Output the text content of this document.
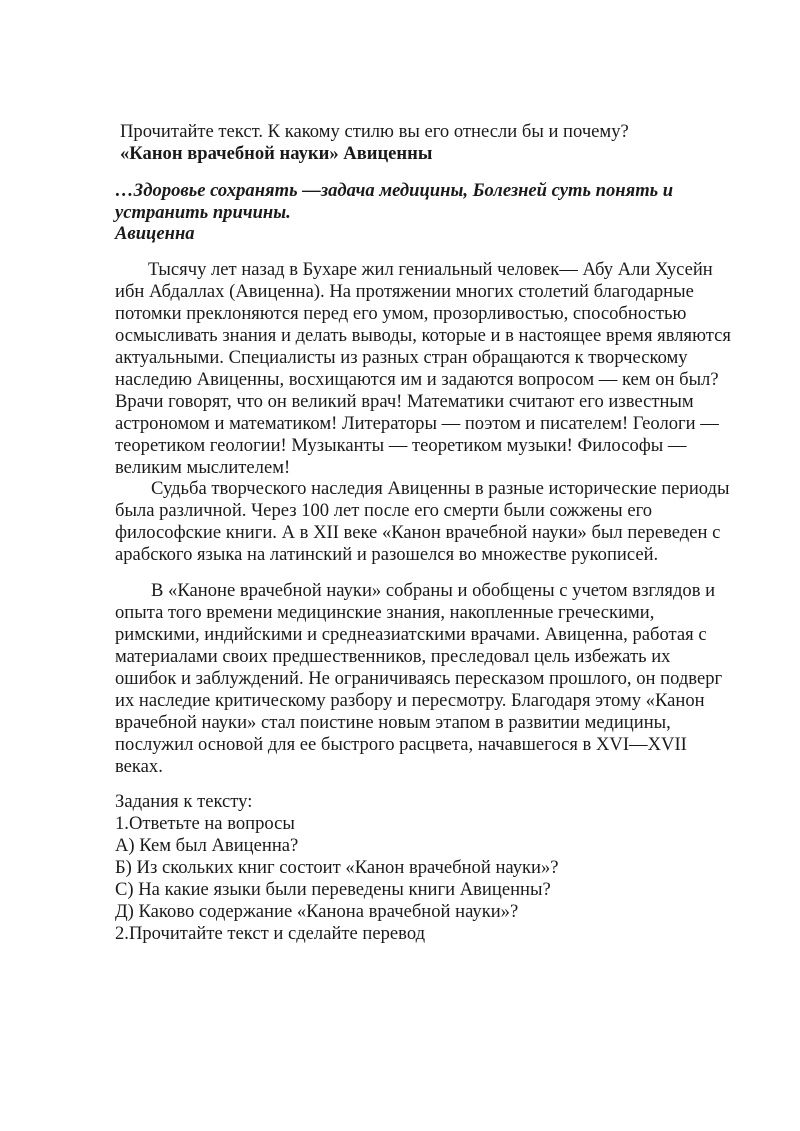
Прочитайте текст. К какому стилю вы его отнесли бы и почему?
«Канон врачебной науки» Авиценны
…Здоровье сохранять —задача медицины, Болезней суть понять и
устранить причины.
Авиценна
Тысячу лет назад в Бухаре жил гениальный человек— Абу Али Хусейн
ибн Абдаллах (Авиценна). На протяжении многих столетий благодарные
потомки преклоняются перед его умом, прозорливостью, способностью
осмысливать знания и делать выводы, которые и в настоящее время являются
актуальными. Специалисты из разных стран обращаются к творческому
наследию Авиценны, восхищаются им и задаются вопросом — кем он был?
Врачи говорят, что он великий врач! Математики считают его известным
астрономом и математиком! Литераторы — поэтом и писателем! Геологи —
теоретиком геологии! Музыканты — теоретиком музыки! Философы —
великим мыслителем!
Судьба творческого наследия Авиценны в разные исторические периоды
была различной. Через 100 лет после его смерти были сожжены его
философские книги. А в XII веке «Канон врачебной науки» был переведен с
арабского языка на латинский и разошелся во множестве рукописей.
В «Каноне врачебной науки» собраны и обобщены с учетом взглядов и
опыта того времени медицинские знания, накопленные греческими,
римскими, индийскими и среднеазиатскими врачами. Авиценна, работая с
материалами своих предшественников, преследовал цель избежать их
ошибок и заблуждений. Не ограничиваясь пересказом прошлого, он подверг
их наследие критическому разбору и пересмотру. Благодаря этому «Канон
врачебной науки» стал поистине новым этапом в развитии медицины,
послужил основой для ее быстрого расцвета, начавшегося в XVI—XVII
веках.
Задания к тексту:
1.Ответьте на вопросы
А) Кем был Авиценна?
Б) Из скольких книг состоит «Канон врачебной науки»?
С) На какие языки были переведены книги Авиценны?
Д) Каково содержание «Канона врачебной науки»?
2.Прочитайте текст и сделайте перевод
